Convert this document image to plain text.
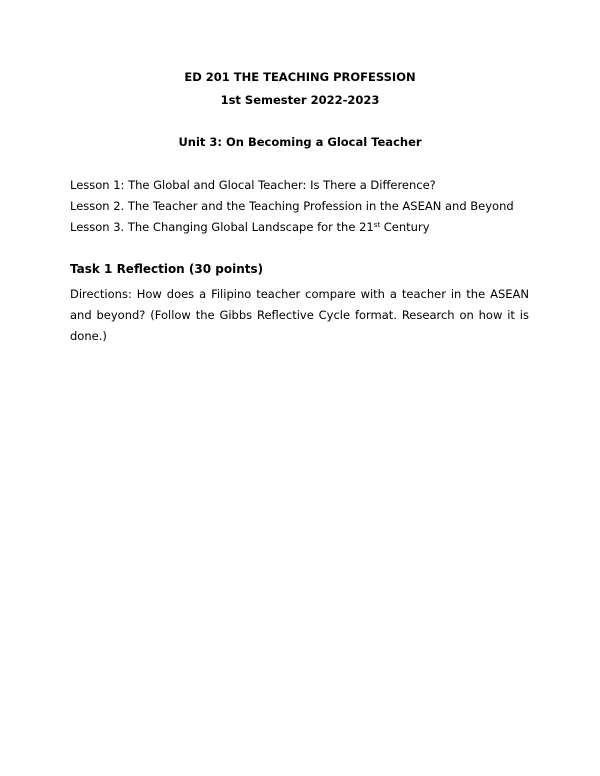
ED 201 THE TEACHING PROFESSION
1st Semester 2022-2023
Unit 3: On Becoming a Glocal Teacher
Lesson 1: The Global and Glocal Teacher: Is There a Difference?
Lesson 2. The Teacher and the Teaching Profession in the ASEAN and Beyond
Lesson 3. The Changing Global Landscape for the 21st Century
Task 1 Reflection (30 points)
Directions: How does a Filipino teacher compare with a teacher in the ASEAN and beyond? (Follow the Gibbs Reflective Cycle format. Research on how it is done.)
